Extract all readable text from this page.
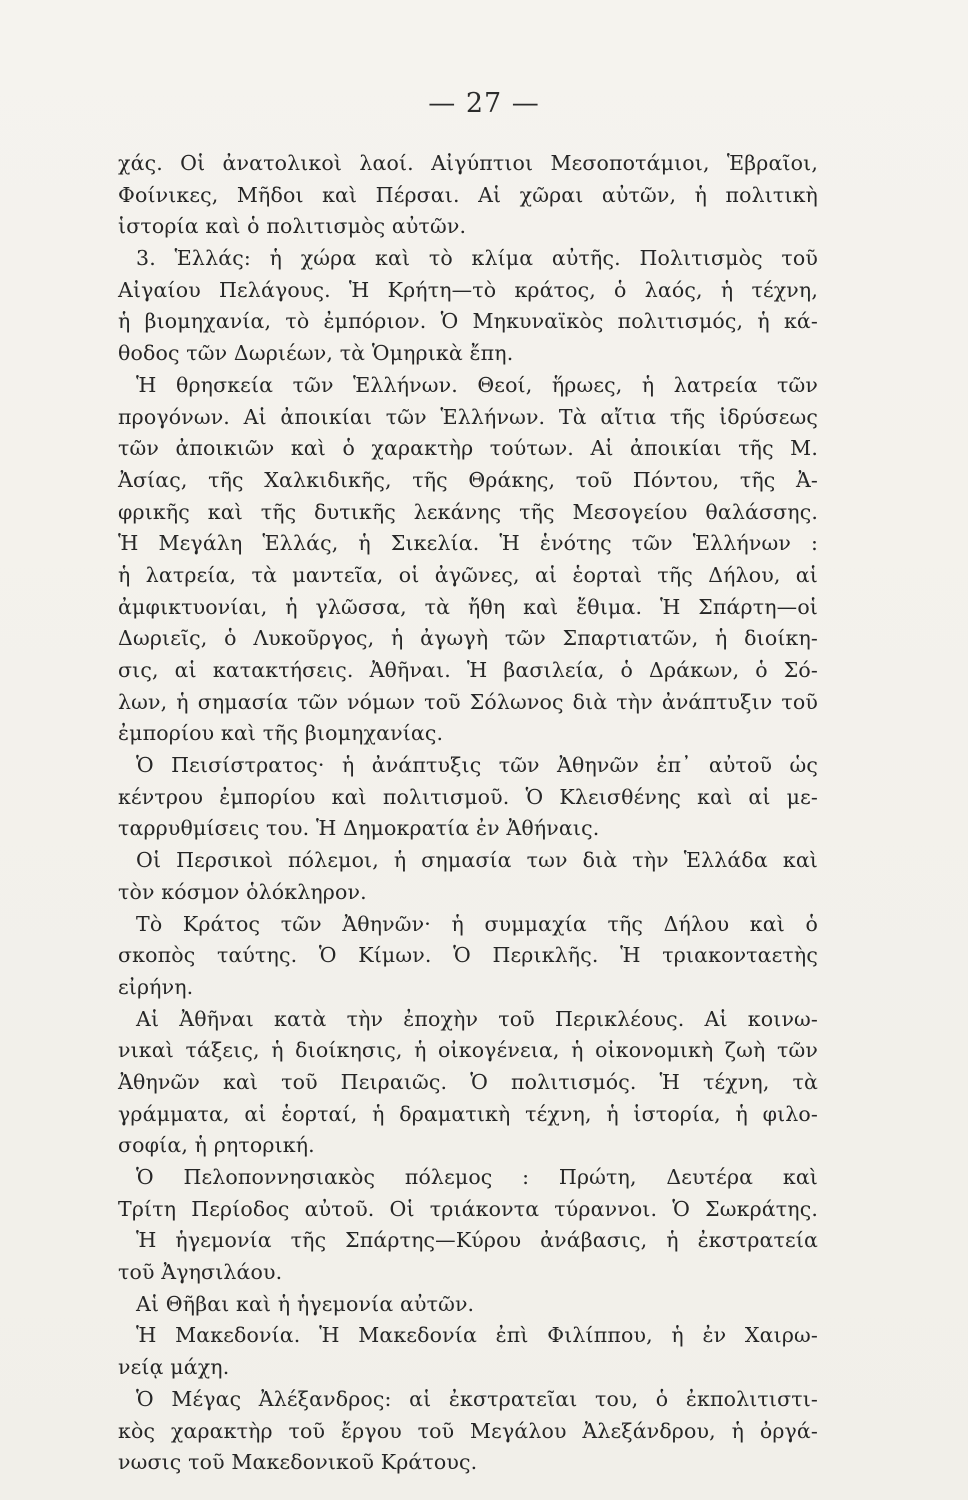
— 27 —
χάς. Οἱ ἀνατολικοὶ λαοί. Αἰγύπτιοι Μεσοποτάμιοι, Ἑβραῖοι,
Φοίνικες, Μῆδοι καὶ Πέρσαι. Αἱ χῶραι αὐτῶν, ἡ πολιτικὴ
ἱστορία καὶ ὁ πολιτισμὸς αὐτῶν.
3. Ἑλλάς: ἡ χώρα καὶ τὸ κλίμα αὐτῆς. Πολιτισμὸς τοῦ
Αἰγαίου Πελάγους. Ἡ Κρήτη—τὸ κράτος, ὁ λαός, ἡ τέχνη,
ἡ βιομηχανία, τὸ ἐμπόριον. Ὁ Μηκυναϊκὸς πολιτισμός, ἡ κά-
θοδος τῶν Δωριέων, τὰ Ὁμηρικὰ ἔπη.
Ἡ θρησκεία τῶν Ἑλλήνων. Θεοί, ἥρωες, ἡ λατρεία τῶν
προγόνων. Αἱ ἀποικίαι τῶν Ἑλλήνων. Τὰ αἴτια τῆς ἱδρύσεως
τῶν ἀποικιῶν καὶ ὁ χαρακτὴρ τούτων. Αἱ ἀποικίαι τῆς Μ.
Ἀσίας, τῆς Χαλκιδικῆς, τῆς Θράκης, τοῦ Πόντου, τῆς Ἀ-
φρικῆς καὶ τῆς δυτικῆς λεκάνης τῆς Μεσογείου θαλάσσης.
Ἡ Μεγάλη Ἑλλάς, ἡ Σικελία. Ἡ ἑνότης τῶν Ἑλλήνων :
ἡ λατρεία, τὰ μαντεῖα, οἱ ἀγῶνες, αἱ ἑορταὶ τῆς Δήλου, αἱ
ἀμφικτυονίαι, ἡ γλῶσσα, τὰ ἤθη καὶ ἔθιμα. Ἡ Σπάρτη—οἱ
Δωριεῖς, ὁ Λυκοῦργος, ἡ ἀγωγὴ τῶν Σπαρτιατῶν, ἡ διοίκη-
σις, αἱ κατακτήσεις. Ἀθῆναι. Ἡ βασιλεία, ὁ Δράκων, ὁ Σό-
λων, ἡ σημασία τῶν νόμων τοῦ Σόλωνος διὰ τὴν ἀνάπτυξιν τοῦ
ἐμπορίου καὶ τῆς βιομηχανίας.
Ὁ Πεισίστρατος· ἡ ἀνάπτυξις τῶν Ἀθηνῶν ἐπ᾽ αὐτοῦ ὡς
κέντρου ἐμπορίου καὶ πολιτισμοῦ. Ὁ Κλεισθένης καὶ αἱ με-
ταρρυθμίσεις του. Ἡ Δημοκρατία ἐν Ἀθήναις.
Οἱ Περσικοὶ πόλεμοι, ἡ σημασία των διὰ τὴν Ἑλλάδα καὶ
τὸν κόσμον ὁλόκληρον.
Τὸ Κράτος τῶν Ἀθηνῶν· ἡ συμμαχία τῆς Δήλου καὶ ὁ
σκοπὸς ταύτης. Ὁ Κίμων. Ὁ Περικλῆς. Ἡ τριακονταετὴς
εἰρήνη.
Αἱ Ἀθῆναι κατὰ τὴν ἐποχὴν τοῦ Περικλέους. Αἱ κοινω-
νικαὶ τάξεις, ἡ διοίκησις, ἡ οἰκογένεια, ἡ οἰκονομικὴ ζωὴ τῶν
Ἀθηνῶν καὶ τοῦ Πειραιῶς. Ὁ πολιτισμός. Ἡ τέχνη, τὰ
γράμματα, αἱ ἑορταί, ἡ δραματικὴ τέχνη, ἡ ἱστορία, ἡ φιλο-
σοφία, ἡ ρητορική.
Ὁ Πελοποννησιακὸς πόλεμος : Πρώτη, Δευτέρα καὶ
Τρίτη Περίοδος αὐτοῦ. Οἱ τριάκοντα τύραννοι. Ὁ Σωκράτης.
Ἡ ἡγεμονία τῆς Σπάρτης—Κύρου ἀνάβασις, ἡ ἐκστρατεία
τοῦ Ἀγησιλάου.
Αἱ Θῆβαι καὶ ἡ ἡγεμονία αὐτῶν.
Ἡ Μακεδονία. Ἡ Μακεδονία ἐπὶ Φιλίππου, ἡ ἐν Χαιρω-
νείᾳ μάχη.
Ὁ Μέγας Ἀλέξανδρος: αἱ ἐκστρατεῖαι του, ὁ ἐκπολιτιστι-
κὸς χαρακτὴρ τοῦ ἔργου τοῦ Μεγάλου Ἀλεξάνδρου, ἡ ὀργά-
νωσις τοῦ Μακεδονικοῦ Κράτους.
